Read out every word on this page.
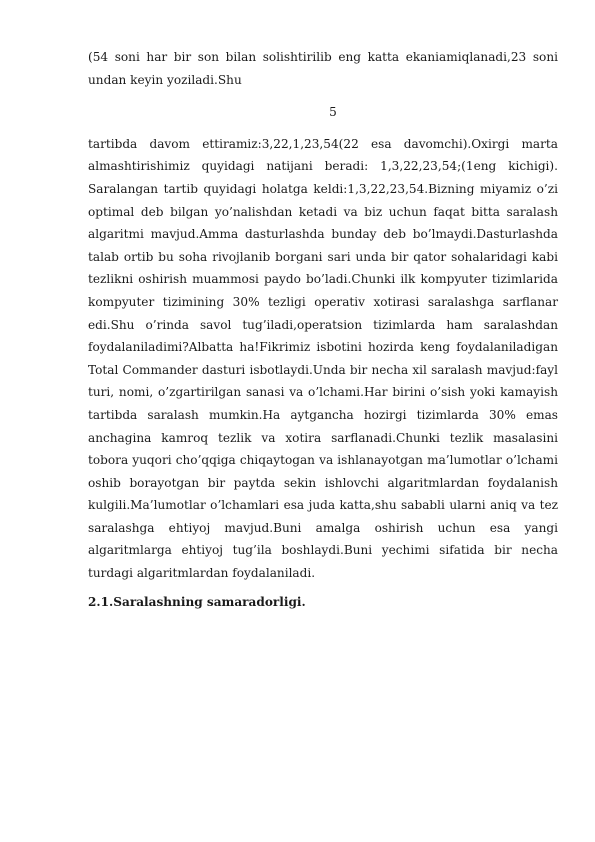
(54 soni har bir son bilan solishtirilib eng katta ekaniamiqlanadi,23 soni undan keyin yoziladi.Shu

5

tartibda davom ettiramiz:3,22,1,23,54(22 esa davomchi).Oxirgi marta almashtirishimiz quyidagi natijani beradi: 1,3,22,23,54;(1eng kichigi). Saralangan tartib quyidagi holatga keldi:1,3,22,23,54.Bizning miyamiz o’zi optimal deb bilgan yo’nalishdan ketadi va biz uchun faqat bitta saralash algaritmi mavjud.Amma dasturlashda bunday deb bo’lmaydi.Dasturlashda talab ortib bu soha rivojlanib borgani sari unda bir qator sohalaridagi kabi tezlikni oshirish muammosi paydo bo’ladi.Chunki ilk kompyuter tizimlarida kompyuter tizimining 30% tezligi operativ xotirasi saralashga sarflanar edi.Shu o’rinda savol tug’iladi,operatsion tizimlarda ham saralashdan foydalaniladimi?Albatta ha!Fikrimiz isbotini hozirda keng foydalaniladigan Total Commander dasturi isbotlaydi.Unda bir necha xil saralash mavjud:fayl turi, nomi, o’zgartirilgan sanasi va o’lchami.Har birini o’sish yoki kamayish tartibda saralash mumkin.Ha aytgancha hozirgi tizimlarda 30% emas anchagina kamroq tezlik va xotira sarflanadi.Chunki tezlik masalasini tobora yuqori cho’qqiga chiqaytogan va ishlanayotgan ma’lumotlar o’lchami oshib borayotgan bir paytda sekin ishlovchi algaritmlardan foydalanish kulgili.Ma’lumotlar o’lchamlari esa juda katta,shu sababli ularni aniq va tez saralashga ehtiyoj mavjud.Buni amalga oshirish uchun esa yangi algaritmlarga ehtiyoj tug’ila boshlaydi.Buni yechimi sifatida bir necha turdagi algaritmlardan foydalaniladi.

2.1.Saralashning samaradorligi.
